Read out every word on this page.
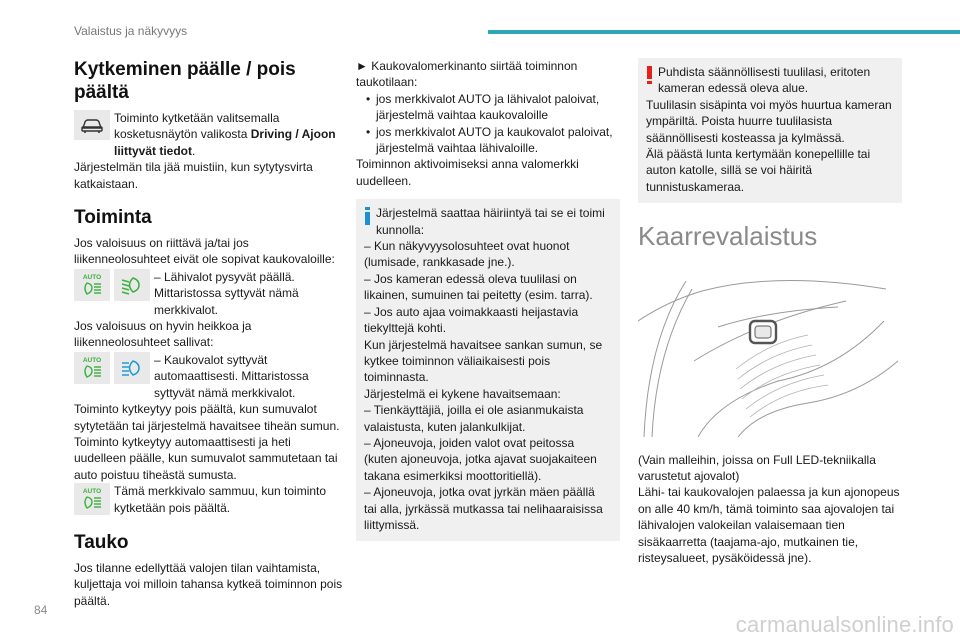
Valaistus ja näkyvyys
Kytkeminen päälle / pois päältä
Toiminto kytketään valitsemalla kosketusnäytön valikosta Driving / Ajoon liittyvät tiedot.
Järjestelmän tila jää muistiin, kun sytytysvirta katkaistaan.
Toiminta
Jos valoisuus on riittävä ja/tai jos liikenneolosuhteet eivät ole sopivat kaukovaloille:
AUTO	– Lähivalot pysyvät päällä. Mittaristossa syttyvät nämä merkkivalot.
Jos valoisuus on hyvin heikkoa ja liikenneolosuhteet sallivat:
AUTO	– Kaukovalot syttyvät automaattisesti. Mittaristossa syttyvät nämä merkkivalot.
Toiminto kytkeytyy pois päältä, kun sumuvalot sytytetään tai järjestelmä havaitsee tiheän sumun.
Toiminto kytkeytyy automaattisesti ja heti uudelleen päälle, kun sumuvalot sammutetaan tai auto poistuu tiheästä sumusta.
AUTO Tämä merkkivalo sammuu, kun toiminto kytketään pois päältä.
Tauko
Jos tilanne edellyttää valojen tilan vaihtamista, kuljettaja voi milloin tahansa kytkeä toiminnon pois päältä.

► Kaukovalomerkinanto siirtää toiminnon taukotilaan:

• jos merkkivalot AUTO ja lähivalot paloivat, järjestelmä vaihtaa kaukovaloille
• jos merkkivalot AUTO ja kaukovalot paloivat, järjestelmä vaihtaa lähivaloille.

Toiminnon aktivoimiseksi anna valomerkki uudelleen.

Järjestelmä saattaa häiriintyä tai se ei toimi kunnolla:
– Kun näkyvyysolosuhteet ovat huonot (lumisade, rankkasade jne.).
– Jos kameran edessä oleva tuulilasi on likainen, sumuinen tai peitetty (esim. tarra).
– Jos auto ajaa voimakkaasti heijastavia tiekylttejä kohti.
Kun järjestelmä havaitsee sankan sumun, se kytkee toiminnon väliaikaisesti pois toiminnasta.
Järjestelmä ei kykene havaitsemaan:
– Tienkäyttäjiä, joilla ei ole asianmukaista valaistusta, kuten jalankulkijat.
– Ajoneuvoja, joiden valot ovat peitossa (kuten ajoneuvoja, jotka ajavat suojakaiteen takana esimerkiksi moottoritiellä).
– Ajoneuvoja, jotka ovat jyrkän mäen päällä tai alla, jyrkässä mutkassa tai nelihaaraisissa liittymissä.
Puhdista säännöllisesti tuulilasi, eritoten kameran edessä oleva alue.
Tuulilasin sisäpinta voi myös huurtua kameran ympäriltä. Poista huurre tuulilasista säännöllisesti kosteassa ja kylmässä.
Älä päästä lunta kertymään konepellille tai auton katolle, sillä se voi häiritä tunnistuskameraa.
Kaarrevalaistus
(Vain malleihin, joissa on Full LED-tekniikalla varustetut ajovalot)
Lähi- tai kaukovalojen palaessa ja kun ajonopeus on alle 40 km/h, tämä toiminto saa ajovalojen tai lähivalojen valokeilan valaisemaan tien sisäkaarretta (taajama-ajo, mutkainen tie, risteysalueet, pysäköidessä jne).
84
carmanualsonline.info
